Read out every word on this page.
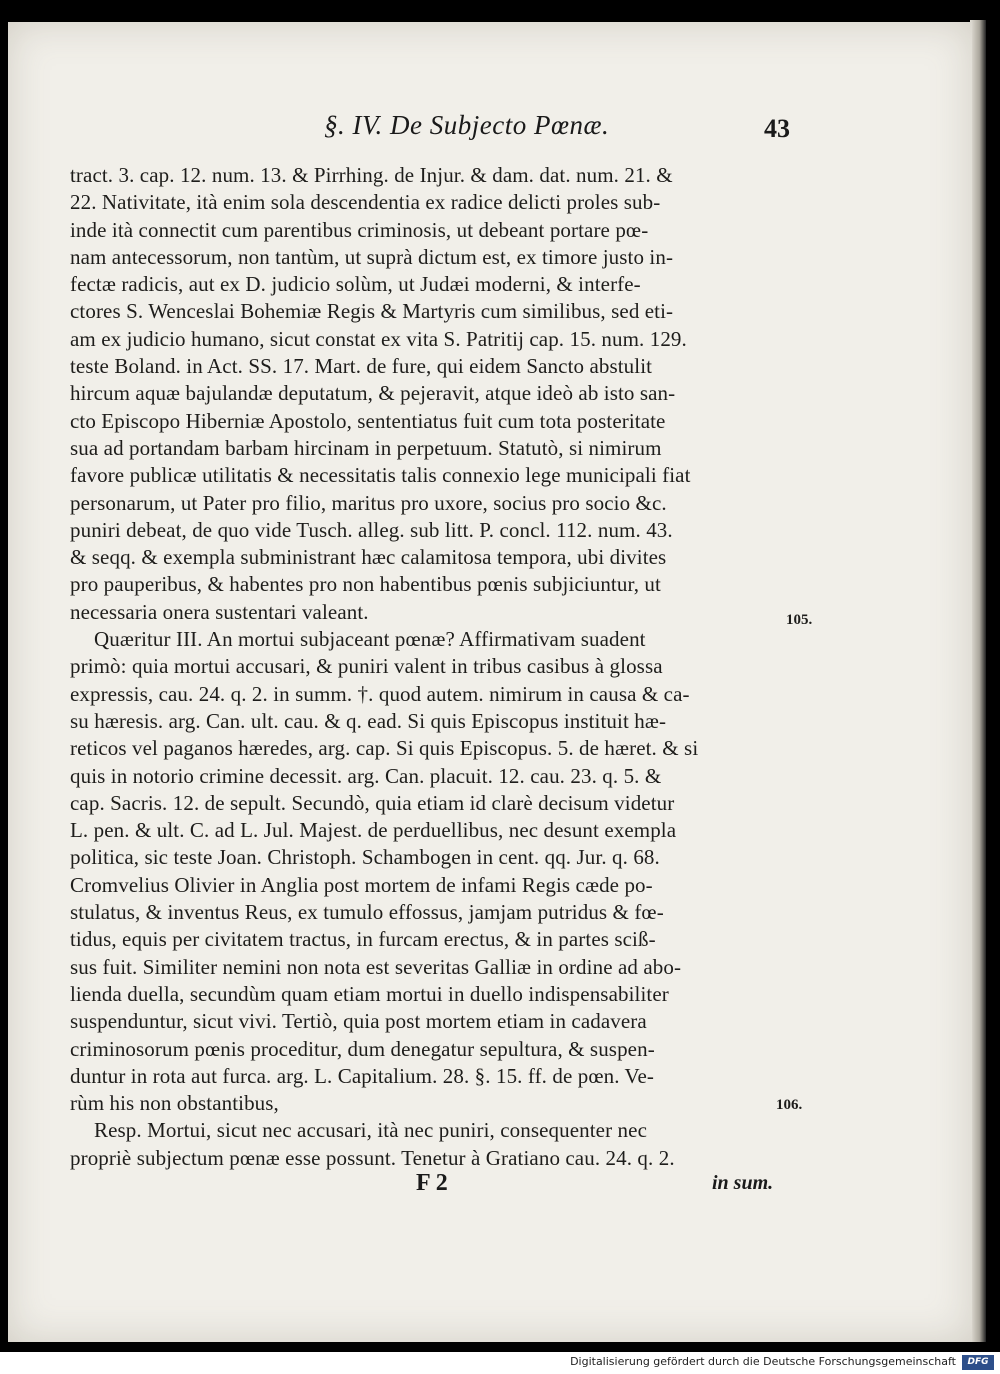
§. IV. De Subjecto Pœnæ.	43
tract. 3. cap. 12. num. 13. & Pirrhing. de Injur. & dam. dat. num. 21. &
22. Nativitate, ità enim sola descendentia ex radice delicti proles sub-
inde ità connectit cum parentibus criminosis, ut debeant portare pœ-
nam antecessorum, non tantùm, ut suprà dictum est, ex timore justo in-
fectæ radicis, aut ex D. judicio solùm, ut Judæi moderni, & interfe-
ctores S. Wenceslai Bohemiæ Regis & Martyris cum similibus, sed eti-
am ex judicio humano, sicut constat ex vita S. Patritij cap. 15. num. 129.
teste Boland. in Act. SS. 17. Mart. de fure, qui eidem Sancto abstulit
hircum aquæ bajulandæ deputatum, & pejeravit, atque ideò ab isto san-
cto Episcopo Hiberniæ Apostolo, sententiatus fuit cum tota posteritate
sua ad portandam barbam hircinam in perpetuum. Statutò, si nimirum
favore publicæ utilitatis & necessitatis talis connexio lege municipali fiat
personarum, ut Pater pro filio, maritus pro uxore, socius pro socio &c.
puniri debeat, de quo vide Tusch. alleg. sub litt. P. concl. 112. num. 43.
& seqq. & exempla subministrant hæc calamitosa tempora, ubi divites
pro pauperibus, & habentes pro non habentibus pœnis subjiciuntur, ut
necessaria onera sustentari valeant.
Quæritur III. An mortui subjaceant pœnæ? Affirmativam suadent
primò: quia mortui accusari, & puniri valent in tribus casibus à glossa
expressis, cau. 24. q. 2. in summ. †. quod autem. nimirum in causa & ca-
su hæresis. arg. Can. ult. cau. & q. ead. Si quis Episcopus instituit hæ-
reticos vel paganos hæredes, arg. cap. Si quis Episcopus. 5. de hæret. & si
quis in notorio crimine decessit. arg. Can. placuit. 12. cau. 23. q. 5. &
cap. Sacris. 12. de sepult. Secundò, quia etiam id clarè decisum videtur
L. pen. & ult. C. ad L. Jul. Majest. de perduellibus, nec desunt exempla
politica, sic teste Joan. Christoph. Schambogen in cent. qq. Jur. q. 68.
Cromvelius Olivier in Anglia post mortem de infami Regis cæde po-
stulatus, & inventus Reus, ex tumulo effossus, jamjam putridus & fœ-
tidus, equis per civitatem tractus, in furcam erectus, & in partes sciß-
sus fuit. Similiter nemini non nota est severitas Galliæ in ordine ad abo-
lienda duella, secundùm quam etiam mortui in duello indispensabiliter
suspenduntur, sicut vivi. Tertiò, quia post mortem etiam in cadavera
criminosorum pœnis proceditur, dum denegatur sepultura, & suspen-
duntur in rota aut furca. arg. L. Capitalium. 28. §. 15. ff. de pœn. Ve-
rùm his non obstantibus,
Resp. Mortui, sicut nec accusari, ità nec puniri, consequenter nec
propriè subjectum pœnæ esse possunt. Tenetur à Gratiano cau. 24. q. 2.
105.
106.
F 2	in sum.
Digitalisierung gefördert durch die Deutsche Forschungsgemeinschaft	DFG
